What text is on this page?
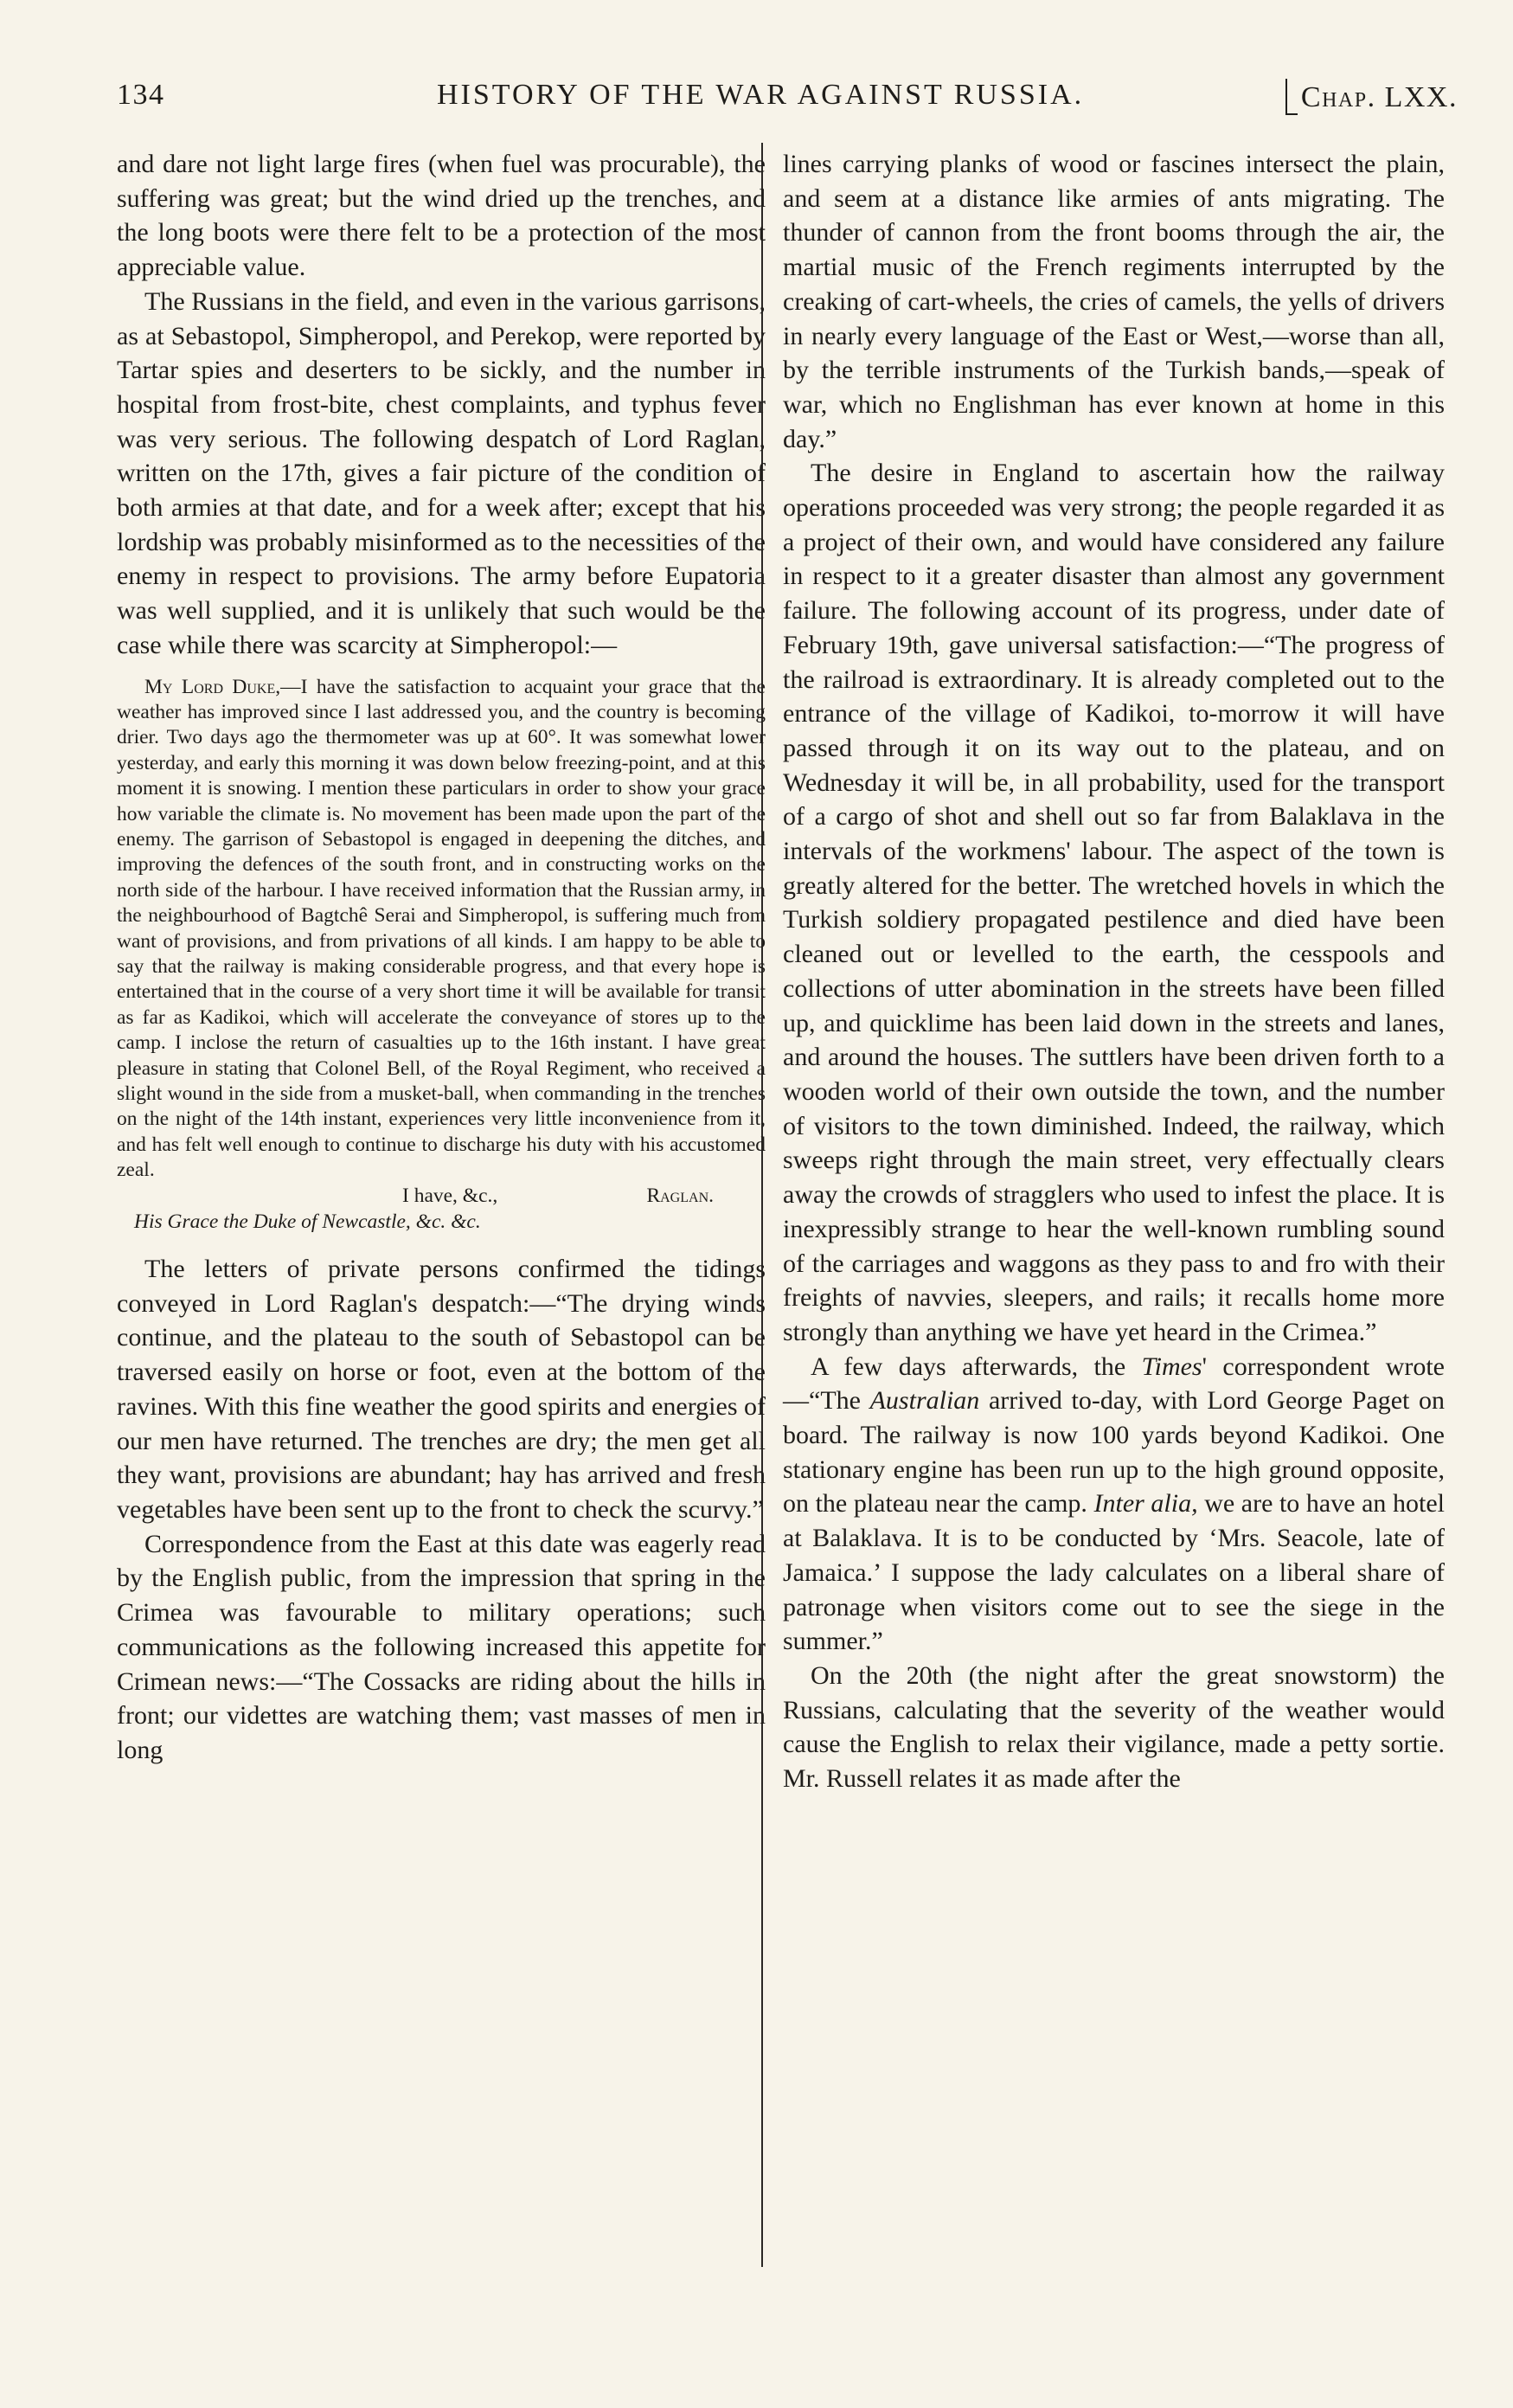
134	HISTORY OF THE WAR AGAINST RUSSIA.	Chap. LXX.

and dare not light large fires (when fuel was procurable), the suffering was great; but the wind dried up the trenches, and the long boots were there felt to be a protection of the most appreciable value.

The Russians in the field, and even in the various garrisons, as at Sebastopol, Simpheropol, and Perekop, were reported by Tartar spies and deserters to be sickly, and the number in hospital from frost-bite, chest complaints, and typhus fever was very serious. The following despatch of Lord Raglan, written on the 17th, gives a fair picture of the condition of both armies at that date, and for a week after; except that his lordship was probably misinformed as to the necessities of the enemy in respect to provisions. The army before Eupatoria was well supplied, and it is unlikely that such would be the case while there was scarcity at Simpheropol:—

My Lord Duke,—I have the satisfaction to acquaint your grace that the weather has improved since I last addressed you, and the country is becoming drier. Two days ago the thermometer was up at 60°. It was somewhat lower yesterday, and early this morning it was down below freezing-point, and at this moment it is snowing. I mention these particulars in order to show your grace how variable the climate is. No movement has been made upon the part of the enemy. The garrison of Sebastopol is engaged in deepening the ditches, and improving the defences of the south front, and in constructing works on the north side of the harbour. I have received information that the Russian army, in the neighbourhood of Bagtchê Serai and Simpheropol, is suffering much from want of provisions, and from privations of all kinds. I am happy to be able to say that the railway is making considerable progress, and that every hope is entertained that in the course of a very short time it will be available for transit as far as Kadikoi, which will accelerate the conveyance of stores up to the camp. I inclose the return of casualties up to the 16th instant. I have great pleasure in stating that Colonel Bell, of the Royal Regiment, who received a slight wound in the side from a musket-ball, when commanding in the trenches on the night of the 14th instant, experiences very little inconvenience from it, and has felt well enough to continue to discharge his duty with his accustomed zeal.

I have, &c.,	Raglan.

His Grace the Duke of Newcastle, &c. &c.

The letters of private persons confirmed the tidings conveyed in Lord Raglan's despatch:—“The drying winds continue, and the plateau to the south of Sebastopol can be traversed easily on horse or foot, even at the bottom of the ravines. With this fine weather the good spirits and energies of our men have returned. The trenches are dry; the men get all they want, provisions are abundant; hay has arrived and fresh vegetables have been sent up to the front to check the scurvy.”

Correspondence from the East at this date was eagerly read by the English public, from the impression that spring in the Crimea was favourable to military operations; such communications as the following increased this appetite for Crimean news:—“The Cossacks are riding about the hills in front; our videttes are watching them; vast masses of men in long

lines carrying planks of wood or fascines intersect the plain, and seem at a distance like armies of ants migrating. The thunder of cannon from the front booms through the air, the martial music of the French regiments interrupted by the creaking of cart-wheels, the cries of camels, the yells of drivers in nearly every language of the East or West,—worse than all, by the terrible instruments of the Turkish bands,—speak of war, which no Englishman has ever known at home in this day.”

The desire in England to ascertain how the railway operations proceeded was very strong; the people regarded it as a project of their own, and would have considered any failure in respect to it a greater disaster than almost any government failure. The following account of its progress, under date of February 19th, gave universal satisfaction:—“The progress of the railroad is extraordinary. It is already completed out to the entrance of the village of Kadikoi, to-morrow it will have passed through it on its way out to the plateau, and on Wednesday it will be, in all probability, used for the transport of a cargo of shot and shell out so far from Balaklava in the intervals of the workmens' labour. The aspect of the town is greatly altered for the better. The wretched hovels in which the Turkish soldiery propagated pestilence and died have been cleaned out or levelled to the earth, the cesspools and collections of utter abomination in the streets have been filled up, and quicklime has been laid down in the streets and lanes, and around the houses. The suttlers have been driven forth to a wooden world of their own outside the town, and the number of visitors to the town diminished. Indeed, the railway, which sweeps right through the main street, very effectually clears away the crowds of stragglers who used to infest the place. It is inexpressibly strange to hear the well-known rumbling sound of the carriages and waggons as they pass to and fro with their freights of navvies, sleepers, and rails; it recalls home more strongly than anything we have yet heard in the Crimea.”

A few days afterwards, the Times' correspondent wrote—“The Australian arrived to-day, with Lord George Paget on board. The railway is now 100 yards beyond Kadikoi. One stationary engine has been run up to the high ground opposite, on the plateau near the camp. Inter alia, we are to have an hotel at Balaklava. It is to be conducted by ‘Mrs. Seacole, late of Jamaica.’ I suppose the lady calculates on a liberal share of patronage when visitors come out to see the siege in the summer.”

On the 20th (the night after the great snowstorm) the Russians, calculating that the severity of the weather would cause the English to relax their vigilance, made a petty sortie. Mr. Russell relates it as made after the
